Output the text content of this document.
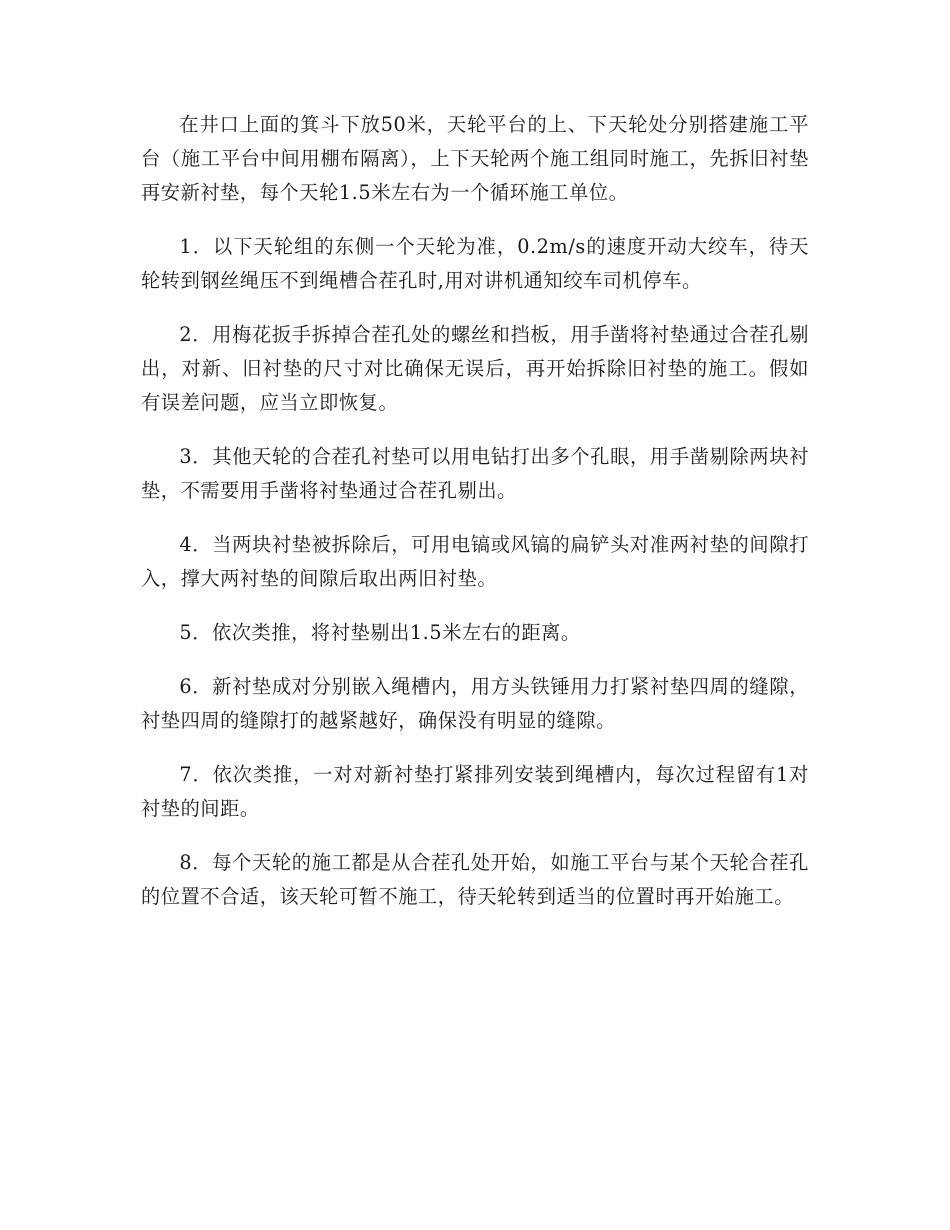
在井口上面的箕斗下放50米，天轮平台的上、下天轮处分别搭建施工平台（施工平台中间用棚布隔离），上下天轮两个施工组同时施工，先拆旧衬垫再安新衬垫，每个天轮1.5米左右为一个循环施工单位。

1．以下天轮组的东侧一个天轮为准，0.2m/s的速度开动大绞车，待天轮转到钢丝绳压不到绳槽合茬孔时,用对讲机通知绞车司机停车。

2．用梅花扳手拆掉合茬孔处的螺丝和挡板，用手凿将衬垫通过合茬孔剔出，对新、旧衬垫的尺寸对比确保无误后，再开始拆除旧衬垫的施工。假如有误差问题，应当立即恢复。

3．其他天轮的合茬孔衬垫可以用电钻打出多个孔眼，用手凿剔除两块衬垫，不需要用手凿将衬垫通过合茬孔剔出。

4．当两块衬垫被拆除后，可用电镐或风镐的扁铲头对准两衬垫的间隙打入，撑大两衬垫的间隙后取出两旧衬垫。

5．依次类推，将衬垫剔出1.5米左右的距离。

6．新衬垫成对分别嵌入绳槽内，用方头铁锤用力打紧衬垫四周的缝隙，衬垫四周的缝隙打的越紧越好，确保没有明显的缝隙。

7．依次类推，一对对新衬垫打紧排列安装到绳槽内，每次过程留有1对衬垫的间距。

8．每个天轮的施工都是从合茬孔处开始，如施工平台与某个天轮合茬孔的位置不合适，该天轮可暂不施工，待天轮转到适当的位置时再开始施工。
